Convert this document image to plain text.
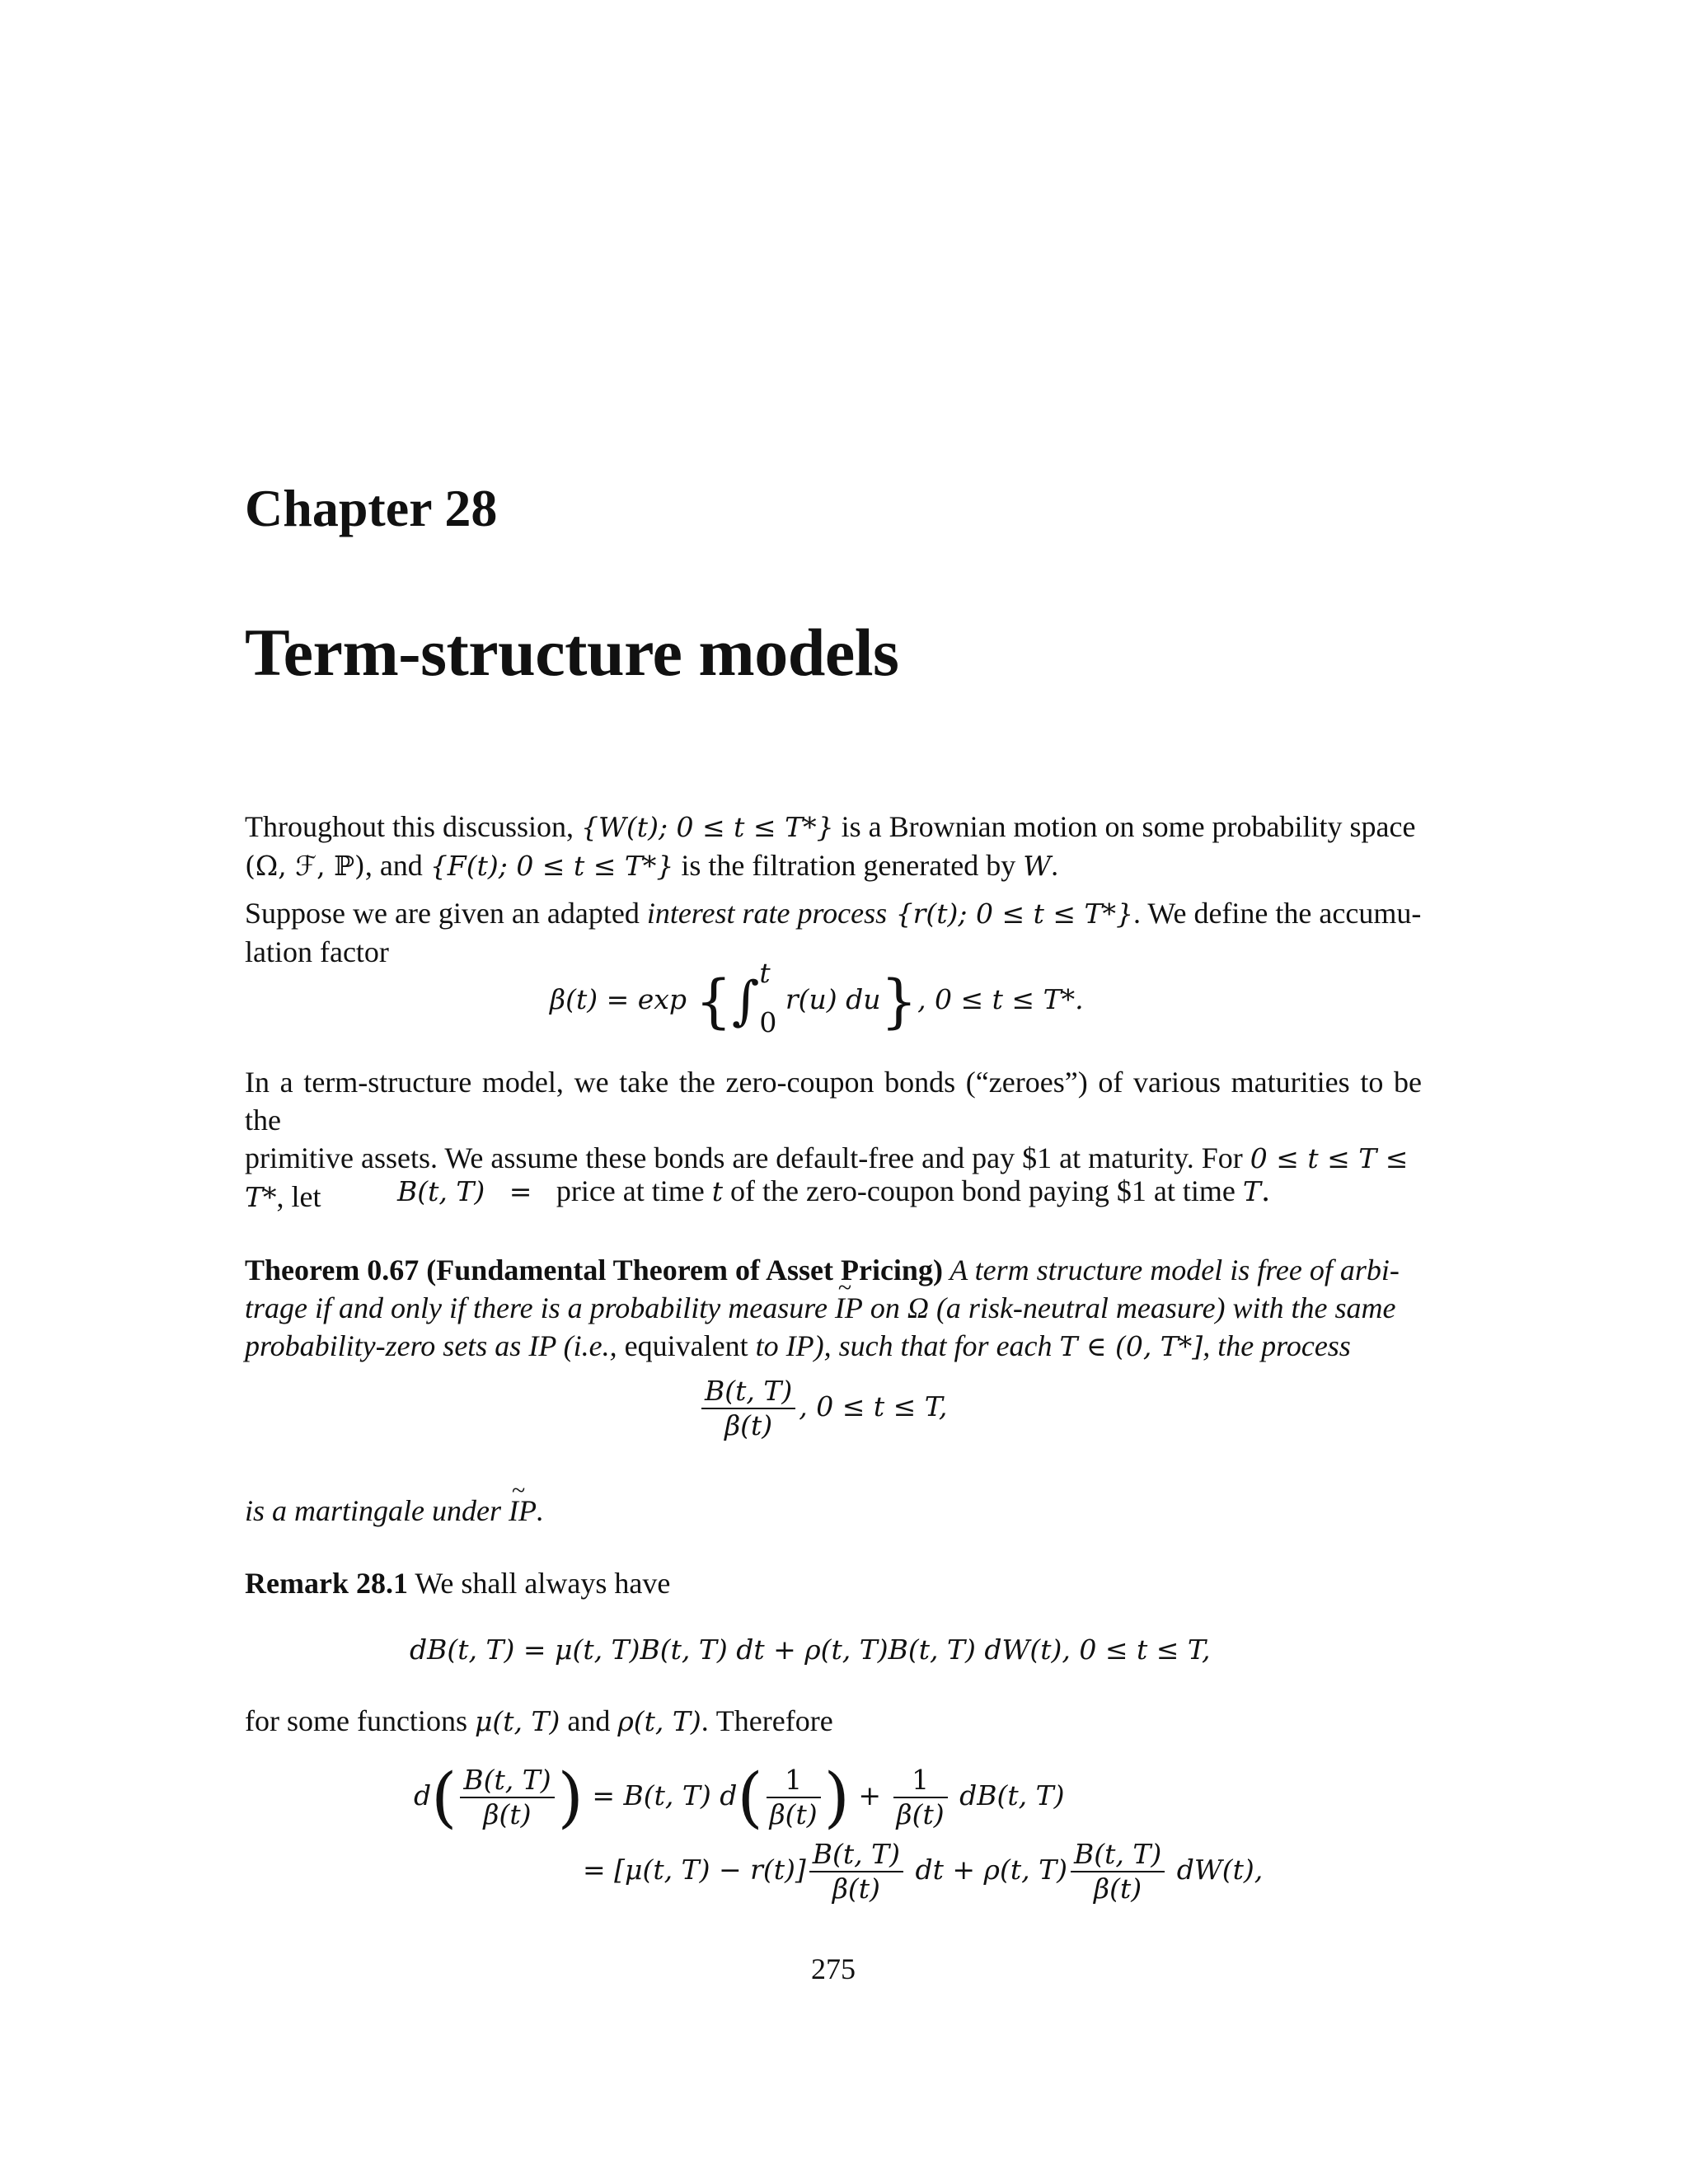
Chapter 28
Term-structure models

Throughout this discussion, {W(t); 0 ≤ t ≤ T*} is a Brownian motion on some probability space
(Ω, ℱ, ℙ), and {F(t); 0 ≤ t ≤ T*} is the filtration generated by W.

Suppose we are given an adapted interest rate process {r(t); 0 ≤ t ≤ T*}. We define the accumu-
lation factor

β(t) = exp {∫ t
0
r(u) du}, 0 ≤ t ≤ T*.

In a term-structure model, we take the zero-coupon bonds (“zeroes”) of various maturities to be the
primitive assets. We assume these bonds are default-free and pay $1 at maturity. For 0 ≤ t ≤ T ≤
T*, let	B(t, T) = price at time t of the zero-coupon bond paying $1 at time T.

Theorem 0.67 (Fundamental Theorem of Asset Pricing) A term structure model is free of arbi-
trage if and only if there is a probability measure ~ IP on Ω (a risk-neutral measure) with the same
probability-zero sets as IP (i.e., equivalent to IP), such that for each T ∈ (0, T*], the process

$\frac{B(t, T)}{\beta(t)}$ , 0 ≤ t ≤ T,

is a martingale under ~ IP.

Remark 28.1 We shall always have

dB(t, T) = μ(t, T)B(t, T) dt + ρ(t, T)B(t, T) dW(t), 0 ≤ t ≤ T,

for some functions μ(t, T) and ρ(t, T). Therefore

$d( \frac{B(t, T)}{\beta(t)}$ ) = B(t, T) $d( \frac{1}{\beta(t)}$ ) + $\frac{1}{\beta(t)} dB(t$, T)
= [μ(t, $T) - r(t)] \frac{B(t, T)}{\beta(t)}$ dt + ρ(t, $T) \frac{B(t, T)}{\beta(t)} dW(t)$,

275
